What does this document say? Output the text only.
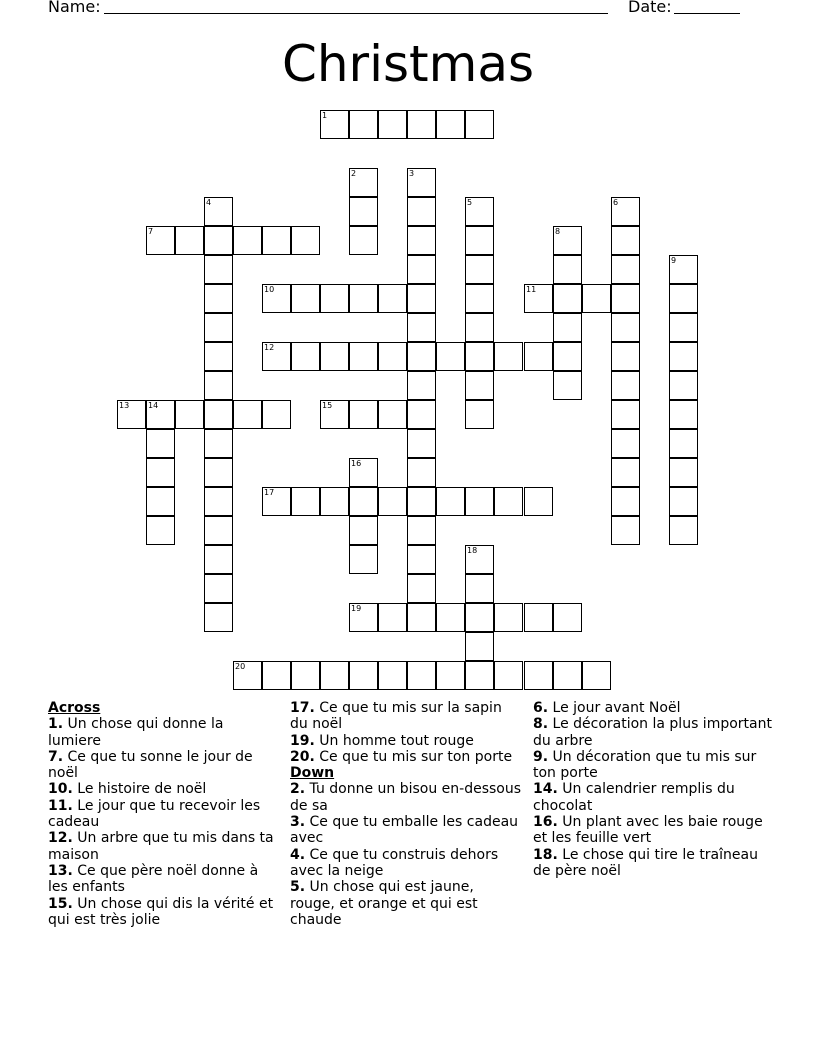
Name:	Date:
Christmas
1
2	3
4	5	6
7	8
9
10	11
12
13 14	15
16
17
18
19
20
Across
1. Un chose qui donne la lumiere
7. Ce que tu sonne le jour de noël
10. Le histoire de noël
11. Le jour que tu recevoir les cadeau
12. Un arbre que tu mis dans ta maison
13. Ce que père noël donne à les enfants
15. Un chose qui dis la vérité et qui est très jolie
17. Ce que tu mis sur la sapin du noël
19. Un homme tout rouge
20. Ce que tu mis sur ton porte
Down
2. Tu donne un bisou en-dessous de sa
3. Ce que tu emballe les cadeau avec
4. Ce que tu construis dehors avec la neige
5. Un chose qui est jaune, rouge, et orange et qui est chaude
6. Le jour avant Noël
8. Le décoration la plus important du arbre
9. Un décoration que tu mis sur ton porte
14. Un calendrier remplis du chocolat
16. Un plant avec les baie rouge et les feuille vert
18. Le chose qui tire le traîneau de père noël
